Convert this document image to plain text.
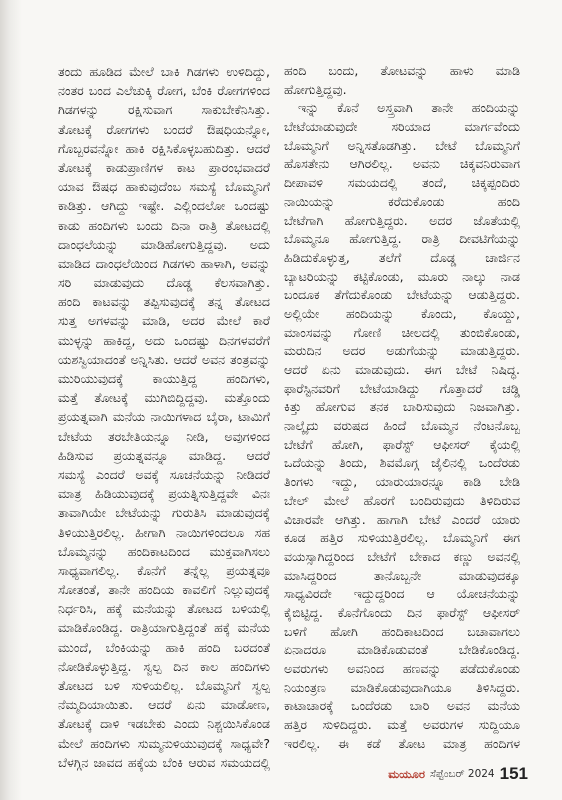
ತಂದು ಹೂಡಿದ ಮೇಲೆ ಬಾಕಿ ಗಿಡಗಳು ಉಳಿದಿದ್ದು,
ನಂತರ ಬಂದ ಎಲೆಚುಕ್ಕಿ ರೋಗ, ಬೆಂಕಿ ರೋಗಗಳಿಂದ
ಗಿಡಗಳನ್ನು ರಕ್ಷಿಸುವಾಗ ಸಾಕುಬೇಕೆನಿಸಿತ್ತು.
ತೋಟಕ್ಕೆ ರೋಗಗಳು ಬಂದರೆ ಔಷಧಿಯನ್ನೋ,
ಗೊಬ್ಬರವನ್ನೋ ಹಾಕಿ ರಕ್ಷಿಸಿಕೊಳ್ಳಬಹುದಿತ್ತು. ಆದರೆ
ತೋಟಕ್ಕೆ ಕಾಡುಪ್ರಾಣಿಗಳ ಕಾಟ ಪ್ರಾರಂಭವಾದರೆ
ಯಾವ ಔಷಧ ಹಾಕುವುದೆಂಬ ಸಮಸ್ಯೆ ಬೊಮ್ಮನಿಗೆ
ಕಾಡಿತ್ತು. ಆಗಿದ್ದು ಇಷ್ಟೇ. ಎಲ್ಲಿಂದಲೋ ಒಂದಷ್ಟು
ಕಾಡು ಹಂದಿಗಳು ಬಂದು ದಿನಾ ರಾತ್ರಿ ತೋಟದಲ್ಲಿ
ದಾಂಧಲೆಯನ್ನು ಮಾಡಿಹೋಗುತ್ತಿದ್ದವು. ಅದು
ಮಾಡಿದ ದಾಂಧಲೆಯಿಂದ ಗಿಡಗಳು ಹಾಳಾಗಿ, ಅವನ್ನು
ಸರಿ ಮಾಡುವುದು ದೊಡ್ಡ ಕೆಲಸವಾಗಿತ್ತು.
ಹಂದಿ ಕಾಟವನ್ನು ತಪ್ಪಿಸುವುದಕ್ಕೆ ತನ್ನ ತೋಟದ
ಸುತ್ತ ಅಗಳವನ್ನು ಮಾಡಿ, ಅದರ ಮೇಲೆ ಕಾರೆ
ಮುಳ್ಳನ್ನು ಹಾಕಿದ್ದ, ಅದು ಒಂದಷ್ಟು ದಿನಗಳವರೆಗೆ
ಯಶಸ್ವಿಯಾದಂತೆ ಅನ್ನಿಸಿತು. ಆದರೆ ಅವನ ತಂತ್ರವನ್ನು
ಮುರಿಯುವುದಕ್ಕೆ ಕಾಯುತ್ತಿದ್ದ ಹಂದಿಗಳು,
ಮತ್ತೆ ತೋಟಕ್ಕೆ ಮುಗಿಬಿದ್ದಿದ್ದವು. ಮತ್ತೊಂದು
ಪ್ರಯತ್ನವಾಗಿ ಮನೆಯ ನಾಯಿಗಳಾದ ಬೈರಾ, ಟಾಮಿಗೆ
ಬೇಟೆಯ ತರಬೇತಿಯನ್ನೂ ನೀಡಿ, ಅವುಗಳಿಂದ
ಹಿಡಿಸುವ ಪ್ರಯತ್ನವನ್ನೂ ಮಾಡಿದ್ದ. ಆದರೆ
ಸಮಸ್ಯೆ ಎಂದರೆ ಅವಕ್ಕೆ ಸೂಚನೆಯನ್ನು ನೀಡಿದರೆ
ಮಾತ್ರ ಹಿಡಿಯುವುದಕ್ಕೆ ಪ್ರಯತ್ನಿಸುತ್ತಿದ್ದವೇ ವಿನಃ
ತಾವಾಗಿಯೇ ಬೇಟೆಯನ್ನು ಗುರುತಿಸಿ ಮಾಡುವುದಕ್ಕೆ
ತಿಳಿಯುತ್ತಿರಲಿಲ್ಲ. ಹೀಗಾಗಿ ನಾಯಿಗಳಿಂದಲೂ ಸಹ
ಬೊಮ್ಮನನ್ನು ಹಂದಿಕಾಟದಿಂದ ಮುಕ್ತವಾಗಿಸಲು
ಸಾಧ್ಯವಾಗಲಿಲ್ಲ. ಕೊನೆಗೆ ತನ್ನೆಲ್ಲ ಪ್ರಯತ್ನವೂ
ಸೋತಂತೆ, ತಾನೇ ಹಂದಿಯ ಕಾವಲಿಗೆ ನಿಲ್ಲುವುದಕ್ಕೆ
ನಿರ್ಧರಿಸಿ, ಹಕ್ಕೆ ಮನೆಯನ್ನು ತೋಟದ ಬಳಿಯಲ್ಲಿ
ಮಾಡಿಕೊಂಡಿದ್ದ. ರಾತ್ರಿಯಾಗುತ್ತಿದ್ದಂತೆ ಹಕ್ಕೆ ಮನೆಯ
ಮುಂದೆ, ಬೆಂಕಿಯನ್ನು ಹಾಕಿ ಹಂದಿ ಬರದಂತೆ
ನೋಡಿಕೊಳ್ಳುತ್ತಿದ್ದ. ಸ್ವಲ್ಪ ದಿನ ಕಾಲ ಹಂದಿಗಳು
ತೋಟದ ಬಳಿ ಸುಳಿಯಲಿಲ್ಲ. ಬೊಮ್ಮನಿಗೆ ಸ್ವಲ್ಪ
ನೆಮ್ಮದಿಯಾಯಿತು. ಆದರೆ ಏನು ಮಾಡೋಣ,
ತೋಟಕ್ಕೆ ದಾಳಿ ಇಡಬೇಕು ಎಂದು ನಿಶ್ಚಯಿಸಿಕೊಂಡ
ಮೇಲೆ ಹಂದಿಗಳು ಸುಮ್ಮನುಳಿಯುವುದಕ್ಕೆ ಸಾಧ್ಯವೇ?
ಬೆಳಗ್ಗಿನ ಜಾವದ ಹಕ್ಕೆಯ ಬೆಂಕಿ ಆರುವ ಸಮಯದಲ್ಲಿ
ಹಂದಿ ಬಂದು, ತೋಟವನ್ನು ಹಾಳು ಮಾಡಿ
ಹೋಗುತ್ತಿದ್ದವು.
ಇನ್ನು ಕೊನೆ ಅಸ್ತ್ರವಾಗಿ ತಾನೇ ಹಂದಿಯನ್ನು
ಬೇಟೆಯಾಡುವುದೇ ಸರಿಯಾದ ಮಾರ್ಗವೆಂದು
ಬೊಮ್ಮನಿಗೆ ಅನ್ನಿಸತೊಡಗಿತ್ತು. ಬೇಟೆ ಬೊಮ್ಮನಿಗೆ
ಹೊಸತೇನು ಆಗಿರಲಿಲ್ಲ. ಅವನು ಚಿಕ್ಕವನಿರುವಾಗ
ದೀಪಾವಳಿ ಸಮಯದಲ್ಲಿ ತಂದೆ, ಚಿಕ್ಕಪ್ಪಂದಿರು
ನಾಯಿಯನ್ನು ಕರೆದುಕೊಂಡು ಹಂದಿ
ಬೇಟೆಗಾಗಿ ಹೋಗುತ್ತಿದ್ದರು. ಅದರ ಜೊತೆಯಲ್ಲಿ
ಬೊಮ್ಮನೂ ಹೋಗುತ್ತಿದ್ದ. ರಾತ್ರಿ ದೀವಟಿಗೆಯನ್ನು
ಹಿಡಿದುಕೊಳ್ಳುತ್ತ, ತಲೆಗೆ ದೊಡ್ಡ ಚಾರ್ಜಿನ
ಬ್ಯಾಟರಿಯನ್ನು ಕಟ್ಟಿಕೊಂಡು, ಮೂರು ನಾಲ್ಕು ನಾಡ
ಬಂದೂಕ ತೆಗೆದುಕೊಂಡು ಬೇಟೆಯನ್ನು ಆಡುತ್ತಿದ್ದರು.
ಅಲ್ಲಿಯೇ ಹಂದಿಯನ್ನು ಕೊಂದು, ಕೊಯ್ದು,
ಮಾಂಸವನ್ನು ಗೋಣಿ ಚೀಲದಲ್ಲಿ ತುಂಬಿಕೊಂಡು,
ಮರುದಿನ ಅದರ ಅಡುಗೆಯನ್ನು ಮಾಡುತ್ತಿದ್ದರು.
ಆದರೆ ಏನು ಮಾಡುವುದು. ಈಗ ಬೇಟೆ ನಿಷಿದ್ಧ.
ಫಾರೆಸ್ಟಿನವರಿಗೆ ಬೇಟೆಯಾಡಿದ್ದು ಗೊತ್ತಾದರೆ ಚಡ್ಡಿ
ಕಿತ್ತು ಹೋಗುವ ತನಕ ಬಾರಿಸುವುದು ನಿಜವಾಗಿತ್ತು.
ನಾಲ್ಕೈದು ವರುಷದ ಹಿಂದೆ ಬೊಮ್ಮನ ನೆಂಟನೊಬ್ಬ
ಬೇಟೆಗೆ ಹೋಗಿ, ಫಾರೆಸ್ಟ್ ಆಫೀಸರ್ ಕೈಯಲ್ಲಿ
ಒದೆಯನ್ನು ತಿಂದು, ಶಿವಮೊಗ್ಗ ಜೈಲಿನಲ್ಲಿ ಒಂದೆರಡು
ತಿಂಗಳು ಇದ್ದು, ಯಾರುಯಾರನ್ನೂ ಕಾಡಿ ಬೇಡಿ
ಬೇಲ್ ಮೇಲೆ ಹೊರಗೆ ಬಂದಿರುವುದು ತಿಳಿದಿರುವ
ವಿಚಾರವೇ ಆಗಿತ್ತು. ಹಾಗಾಗಿ ಬೇಟೆ ಎಂದರೆ ಯಾರು
ಕೂಡ ಹತ್ತಿರ ಸುಳಿಯುತ್ತಿರಲಿಲ್ಲ. ಬೊಮ್ಮನಿಗೆ ಈಗ
ವಯಸ್ಸಾಗಿದ್ದರಿಂದ ಬೇಟೆಗೆ ಬೇಕಾದ ಕಣ್ಣು ಅವನಲ್ಲಿ
ಮಾಸಿದ್ದರಿಂದ ತಾನೊಬ್ಬನೇ ಮಾಡುವುದಕ್ಕೂ
ಸಾಧ್ಯವಿರದೇ ಇದ್ದುದ್ದರಿಂದ ಆ ಯೋಚನೆಯನ್ನು
ಕೈಬಿಟ್ಟಿದ್ದ. ಕೊನೆಗೊಂದು ದಿನ ಫಾರೆಸ್ಟ್ ಆಫೀಸರ್
ಬಳಿಗೆ ಹೋಗಿ ಹಂದಿಕಾಟದಿಂದ ಬಚಾವಾಗಲು
ಏನಾದರೂ ಮಾಡಿಕೊಡುವಂತೆ ಬೇಡಿಕೊಂಡಿದ್ದ.
ಅವರುಗಳು ಅವನಿಂದ ಹಣವನ್ನು ಪಡೆದುಕೊಂಡು
ನಿಯಂತ್ರಣ ಮಾಡಿಕೊಡುವುದಾಗಿಯೂ ತಿಳಿಸಿದ್ದರು.
ಕಾಟಾಚಾರಕ್ಕೆ ಒಂದೆರಡು ಬಾರಿ ಅವನ ಮನೆಯ
ಹತ್ತಿರ ಸುಳಿದಿದ್ದರು. ಮತ್ತೆ ಅವರುಗಳ ಸುದ್ದಿಯೂ
ಇರಲಿಲ್ಲ. ಈ ಕಡೆ ತೋಟ ಮಾತ್ರ ಹಂದಿಗಳ
ಮಯೂರ ಸೆಪ್ಟೆಂಬರ್ 2024 151
